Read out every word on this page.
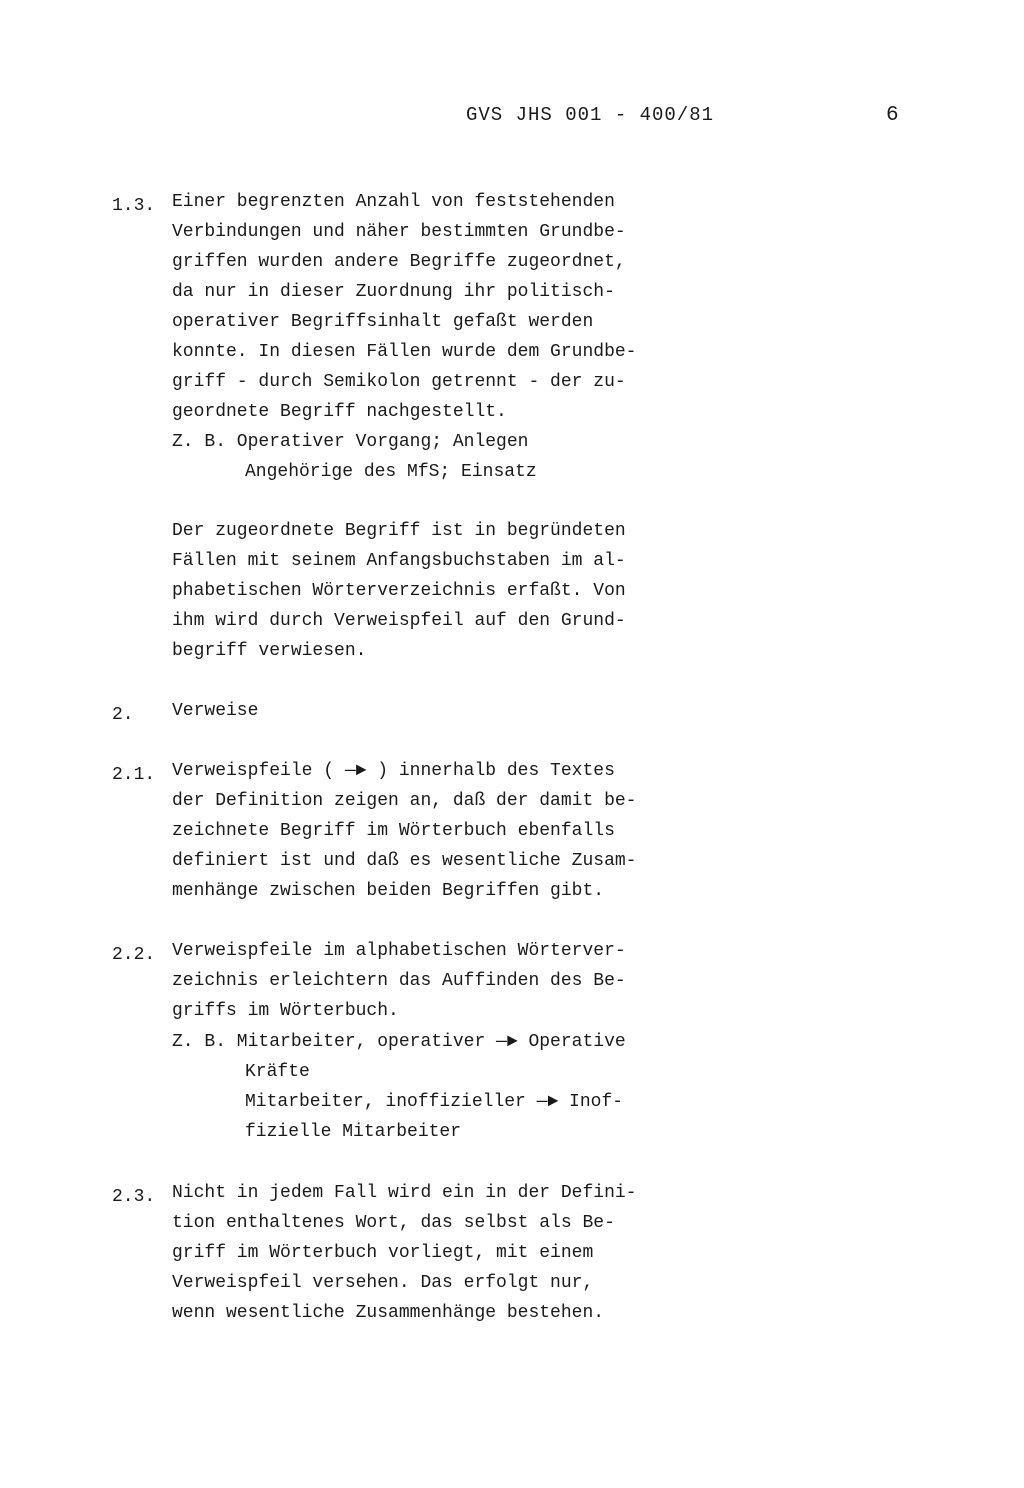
GVS JHS 001 - 400/81	6
1.3. Einer begrenzten Anzahl von feststehenden
Verbindungen und näher bestimmten Grundbe-
griffen wurden andere Begriffe zugeordnet,
da nur in dieser Zuordnung ihr politisch-
operativer Begriffsinhalt gefaßt werden
konnte. In diesen Fällen wurde dem Grundbe-
griff - durch Semikolon getrennt - der zu-
geordnete Begriff nachgestellt.
Z. B. Operativer Vorgang; Anlegen
Angehörige des MfS; Einsatz
Der zugeordnete Begriff ist in begründeten
Fällen mit seinem Anfangsbuchstaben im al-
phabetischen Wörterverzeichnis erfaßt. Von
ihm wird durch Verweispfeil auf den Grund-
begriff verwiesen.
2. Verweise
2.1. Verweispfeile ( —► ) innerhalb des Textes
der Definition zeigen an, daß der damit be-
zeichnete Begriff im Wörterbuch ebenfalls
definiert ist und daß es wesentliche Zusam-
menhänge zwischen beiden Begriffen gibt.
2.2. Verweispfeile im alphabetischen Wörterver-
zeichnis erleichtern das Auffinden des Be-
griffs im Wörterbuch.
Z. B. Mitarbeiter, operativer —► Operative
Kräfte
Mitarbeiter, inoffizieller —► Inof-
fizielle Mitarbeiter
2.3. Nicht in jedem Fall wird ein in der Defini-
tion enthaltenes Wort, das selbst als Be-
griff im Wörterbuch vorliegt, mit einem
Verweispfeil versehen. Das erfolgt nur,
wenn wesentliche Zusammenhänge bestehen.
